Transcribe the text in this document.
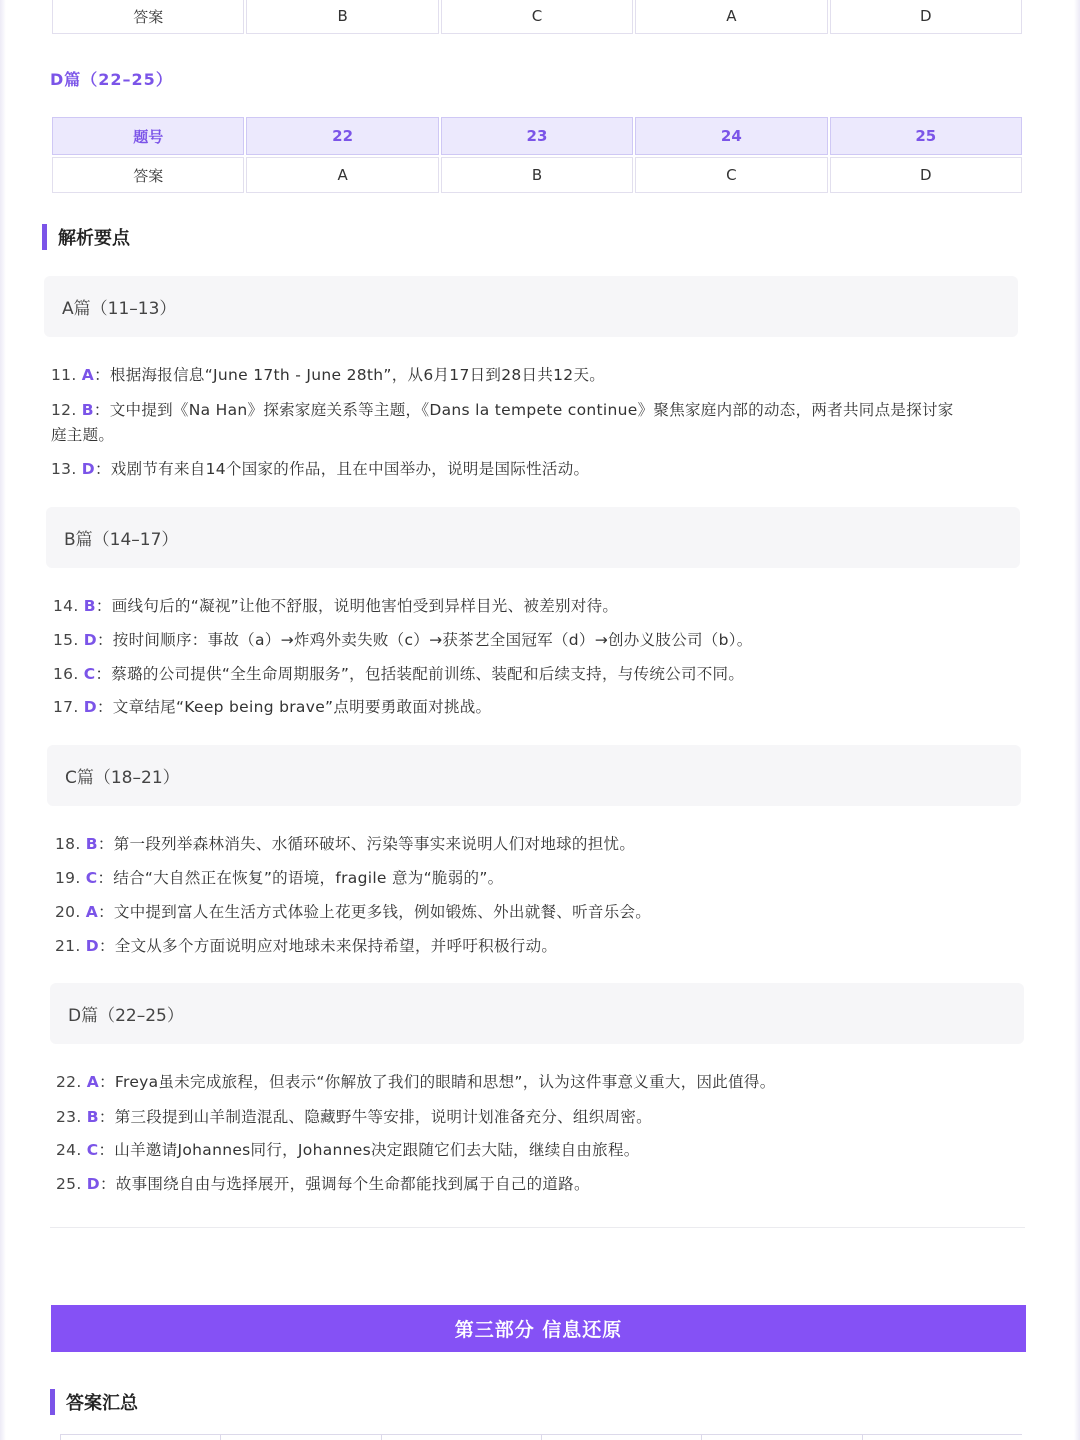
答案	B	C	A	D
D篇（22–25）
题号	22	23	24	25
答案	A	B	C	D
解析要点
A篇（11–13）
11. A：根据海报信息“June 17th - June 28th”，从6月17日到28日共12天。
12. B：文中提到《Na Han》探索家庭关系等主题，《Dans la tempete continue》聚焦家庭内部的动态，两者共同点是探讨家
庭主题。
13. D：戏剧节有来自14个国家的作品，且在中国举办，说明是国际性活动。
B篇（14–17）
14. B：画线句后的“凝视”让他不舒服，说明他害怕受到异样目光、被差别对待。
15. D：按时间顺序：事故（a）→炸鸡外卖失败（c）→获茶艺全国冠军（d）→创办义肢公司（b）。
16. C：蔡璐的公司提供“全生命周期服务”，包括装配前训练、装配和后续支持，与传统公司不同。
17. D：文章结尾“Keep being brave”点明要勇敢面对挑战。
C篇（18–21）
18. B：第一段列举森林消失、水循环破坏、污染等事实来说明人们对地球的担忧。
19. C：结合“大自然正在恢复”的语境，fragile 意为“脆弱的”。
20. A：文中提到富人在生活方式体验上花更多钱，例如锻炼、外出就餐、听音乐会。
21. D：全文从多个方面说明应对地球未来保持希望，并呼吁积极行动。
D篇（22–25）
22. A：Freya虽未完成旅程，但表示“你解放了我们的眼睛和思想”，认为这件事意义重大，因此值得。
23. B：第三段提到山羊制造混乱、隐藏野牛等安排，说明计划准备充分、组织周密。
24. C：山羊邀请Johannes同行，Johannes决定跟随它们去大陆，继续自由旅程。
25. D：故事围绕自由与选择展开，强调每个生命都能找到属于自己的道路。
第三部分 信息还原
答案汇总
